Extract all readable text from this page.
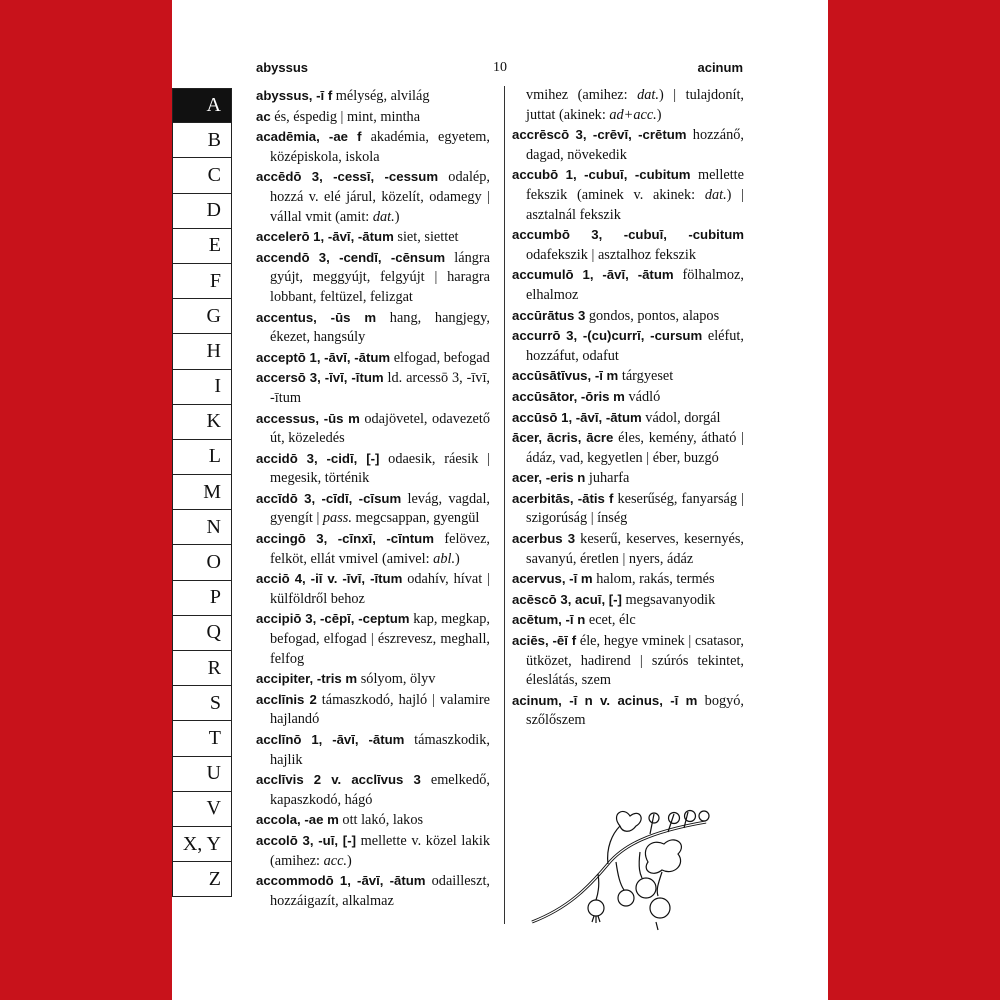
abyssus	10	acinum
A
B
C
D
E
F
G
H
I
K
L
M
N
O
P
Q
R
S
T
U
V
X, Y
Z

abyssus, -ī f mélység, alvilág

ac és, éspedig | mint, mintha

acadēmia, -ae f akadémia, egyetem, középiskola, iskola

accēdō 3, -cessī, -cessum odalép, hozzá v. elé járul, közelít, odamegy | vállal vmit (amit: dat.)

accelerō 1, -āvī, -ātum siet, siettet

accendō 3, -cendī, -cēnsum lángra gyújt, meggyújt, felgyújt | haragra lobbant, feltüzel, felizgat

accentus, -ūs m hang, hangjegy, ékezet, hangsúly

acceptō 1, -āvī, -ātum elfogad, befogad

accersō 3, -īvī, -ītum ld. arcessō 3, -īvī, -ītum

accessus, -ūs m odajövetel, odavezető út, közeledés

accidō 3, -cidī, [-] odaesik, ráesik | megesik, történik

accīdō 3, -cīdī, -cīsum levág, vagdal, gyengít | pass. megcsappan, gyengül

accingō 3, -cīnxī, -cīntum felövez, felköt, ellát vmivel (amivel: abl.)

acciō 4, -iī v. -īvī, -ītum odahív, hívat | külföldről behoz

accipiō 3, -cēpī, -ceptum kap, megkap, befogad, elfogad | észrevesz, meghall, felfog

accipiter, -tris m sólyom, ölyv

acclīnis 2 támaszkodó, hajló | valamire hajlandó

acclīnō 1, -āvī, -ātum támaszkodik, hajlik

acclīvis 2 v. acclīvus 3 emelkedő, kapaszkodó, hágó

accola, -ae m ott lakó, lakos

accolō 3, -uī, [-] mellette v. közel lakik (amihez: acc.)

accommodō 1, -āvī, -ātum odailleszt, hozzáigazít, alkalmaz

vmihez (amihez: dat.) | tulajdonít, juttat (akinek: ad+acc.)

accrēscō 3, -crēvī, -crētum hozzánő, dagad, növekedik

accubō 1, -cubuī, -cubitum mellette fekszik (aminek v. akinek: dat.) | asztalnál fekszik

accumbō 3, -cubuī, -cubitum odafekszik | asztalhoz fekszik

accumulō 1, -āvī, -ātum fölhalmoz, elhalmoz

accūrātus 3 gondos, pontos, alapos

accurrō 3, -(cu)currī, -cursum eléfut, hozzáfut, odafut

accūsātīvus, -ī m tárgyeset

accūsātor, -ōris m vádló

accūsō 1, -āvī, -ātum vádol, dorgál

ācer, ācris, ācre éles, kemény, átható | ádáz, vad, kegyetlen | éber, buzgó

acer, -eris n juharfa

acerbitās, -ātis f keserűség, fanyarság | szigorúság | ínség

acerbus 3 keserű, keserves, kesernyés, savanyú, éretlen | nyers, ádáz

acervus, -ī m halom, rakás, termés

acēscō 3, acuī, [-] megsavanyodik

acētum, -ī n ecet, élc

aciēs, -ēī f éle, hegye vminek | csatasor, ütközet, hadirend | szúrós tekintet, éleslátás, szem

acinum, -ī n v. acinus, -ī m bogyó, szőlőszem
